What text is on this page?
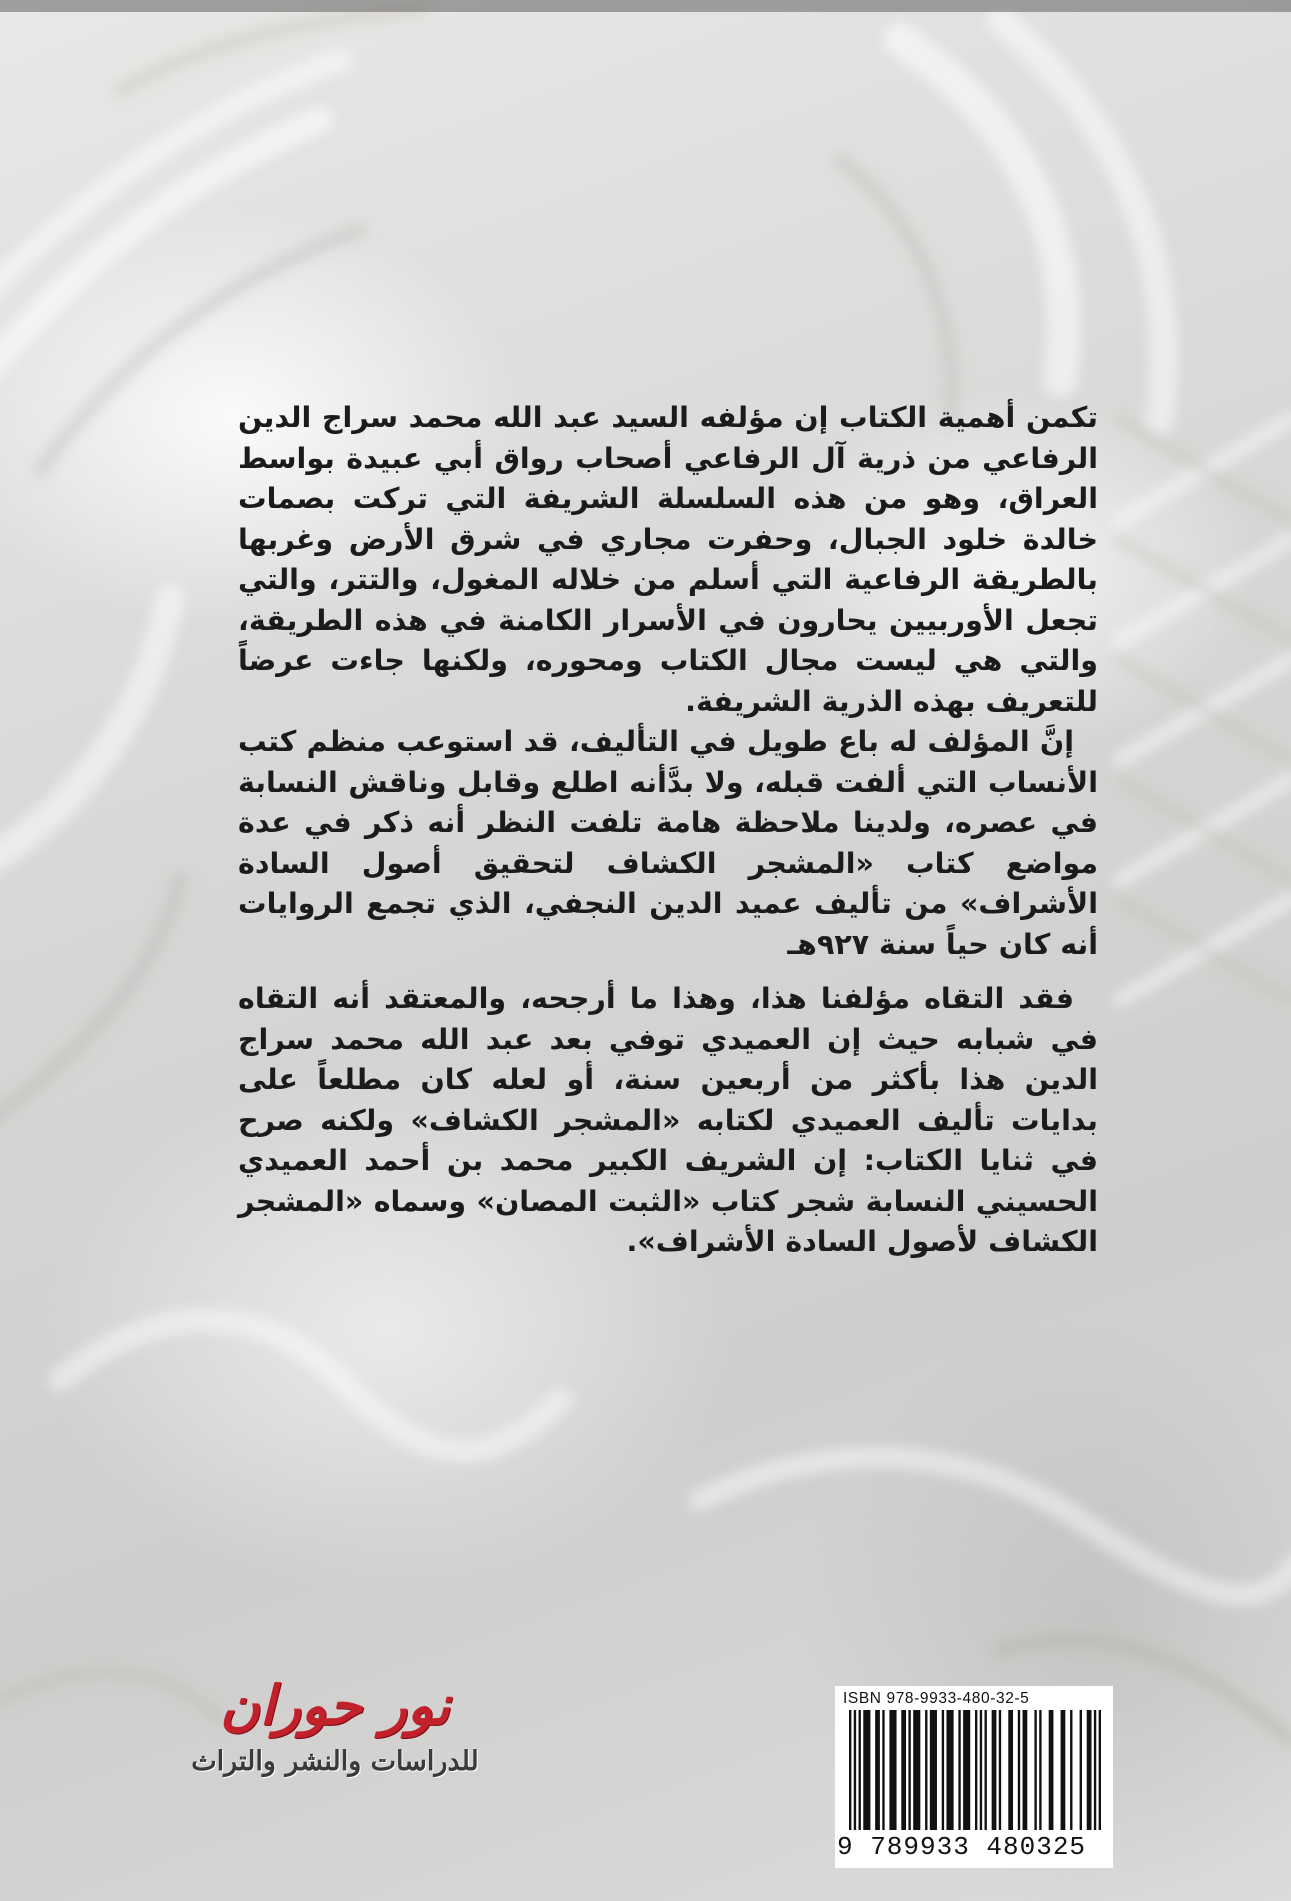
تكمن أهمية الكتاب إن مؤلفه السيد عبد الله محمد سراج الدين الرفاعي من ذرية آل الرفاعي أصحاب رواق أبي عبيدة بواسط العراق، وهو من هذه السلسلة الشريفة التي تركت بصمات خالدة خلود الجبال، وحفرت مجاري في شرق الأرض وغربها بالطريقة الرفاعية التي أسلم من خلاله المغول، والتتر، والتي تجعل الأوربيين يحارون في الأسرار الكامنة في هذه الطريقة، والتي هي ليست مجال الكتاب ومحوره، ولكنها جاءت عرضاً للتعريف بهذه الذرية الشريفة.

إنَّ المؤلف له باع طويل في التأليف، قد استوعب منظم كتب الأنساب التي ألفت قبله، ولا بدَّأنه اطلع وقابل وناقش النسابة في عصره، ولدينا ملاحظة هامة تلفت النظر أنه ذكر في عدة مواضع كتاب «المشجر الكشاف لتحقيق أصول السادة الأشراف» من تأليف عميد الدين النجفي، الذي تجمع الروايات أنه كان حياً سنة ٩٢٧هـ

فقد التقاه مؤلفنا هذا، وهذا ما أرجحه، والمعتقد أنه التقاه في شبابه حيث إن العميدي توفي بعد عبد الله محمد سراج الدين هذا بأكثر من أربعين سنة، أو لعله كان مطلعاً على بدايات تأليف العميدي لكتابه «المشجر الكشاف» ولكنه صرح في ثنايا الكتاب: إن الشريف الكبير محمد بن أحمد العميدي الحسيني النسابة شجر كتاب «الثبت المصان» وسماه «المشجر الكشاف لأصول السادة الأشراف».

نور حوران
للدراسات والنشر والتراث
ISBN 978-9933-480-32-5
9 789933 480325
